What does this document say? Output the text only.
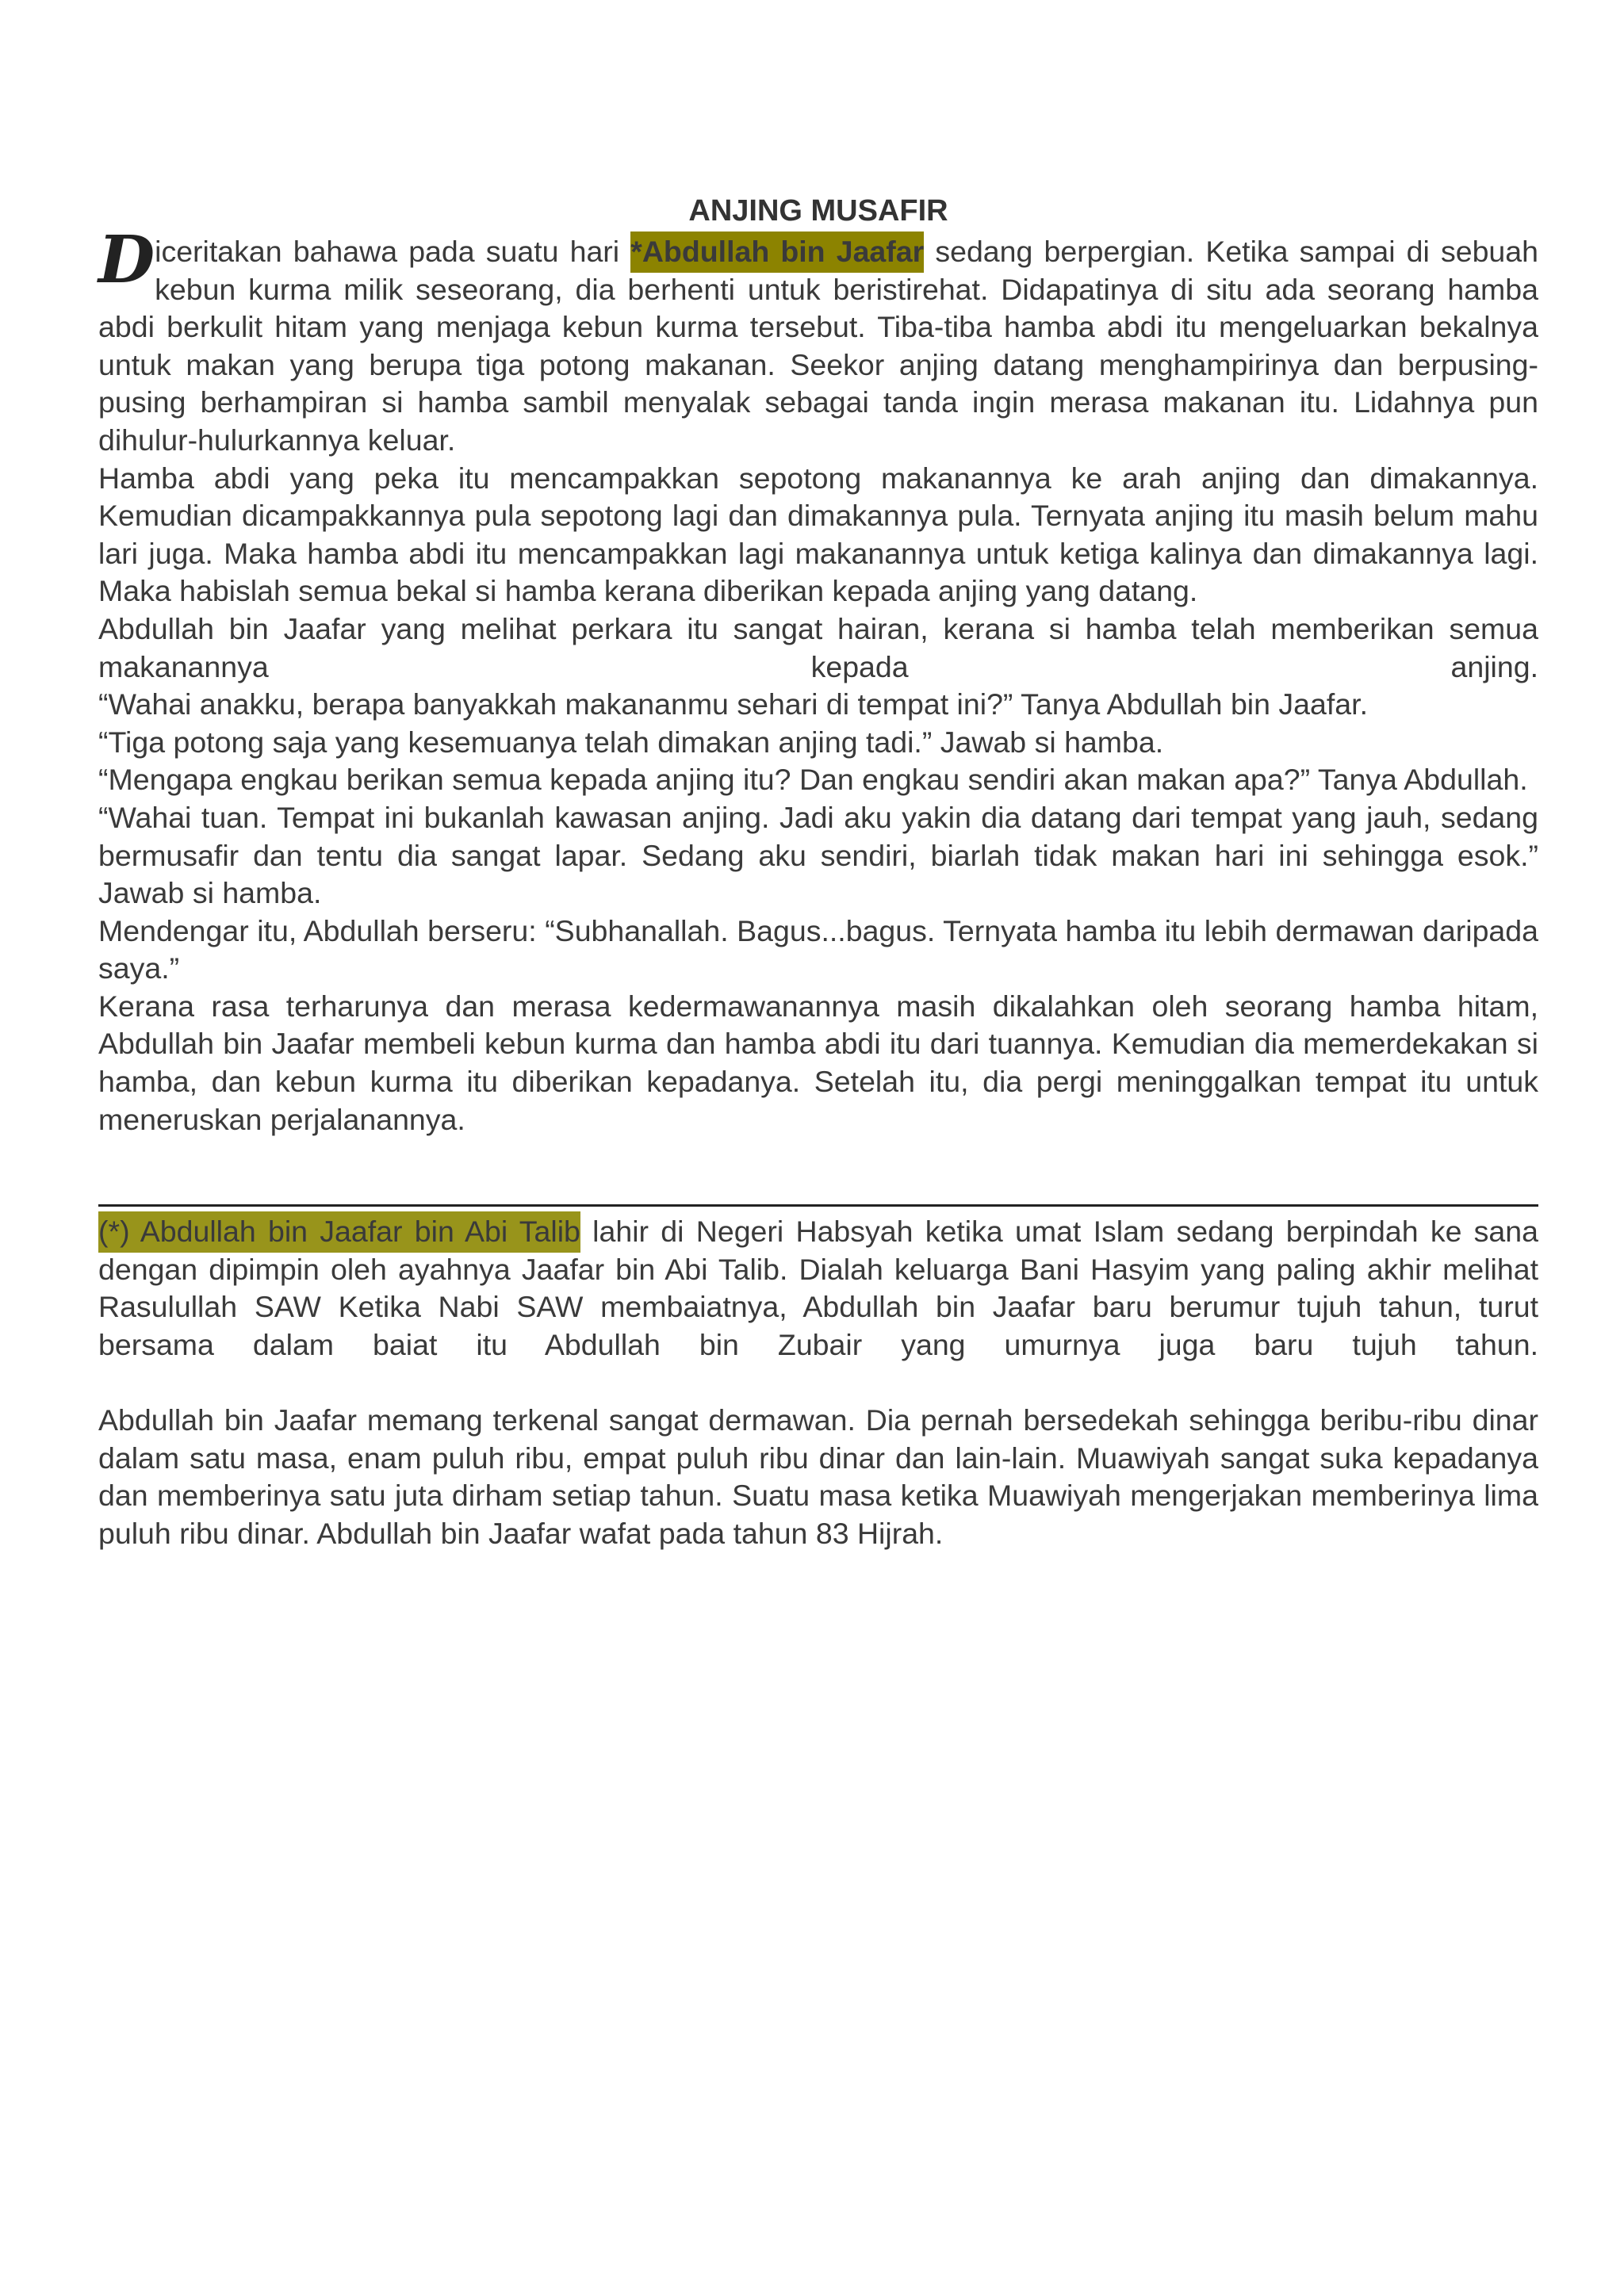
ANJING MUSAFIR

Diceritakan bahawa pada suatu hari *Abdullah bin Jaafar sedang berpergian. Ketika sampai di sebuah kebun kurma milik seseorang, dia berhenti untuk beristirehat. Didapatinya di situ ada seorang hamba abdi berkulit hitam yang menjaga kebun kurma tersebut. Tiba-tiba hamba abdi itu mengeluarkan bekalnya untuk makan yang berupa tiga potong makanan. Seekor anjing datang menghampirinya dan berpusing-pusing berhampiran si hamba sambil menyalak sebagai tanda ingin merasa makanan itu. Lidahnya pun dihulur-hulurkannya keluar.

Hamba abdi yang peka itu mencampakkan sepotong makanannya ke arah anjing dan dimakannya. Kemudian dicampakkannya pula sepotong lagi dan dimakannya pula. Ternyata anjing itu masih belum mahu lari juga. Maka hamba abdi itu mencampakkan lagi makanannya untuk ketiga kalinya dan dimakannya lagi. Maka habislah semua bekal si hamba kerana diberikan kepada anjing yang datang.

Abdullah bin Jaafar yang melihat perkara itu sangat hairan, kerana si hamba telah memberikan semua makanannya kepada anjing.

“Wahai anakku, berapa banyakkah makananmu sehari di tempat ini?” Tanya Abdullah bin Jaafar.

“Tiga potong saja yang kesemuanya telah dimakan anjing tadi.” Jawab si hamba.

“Mengapa engkau berikan semua kepada anjing itu? Dan engkau sendiri akan makan apa?” Tanya Abdullah.

“Wahai tuan. Tempat ini bukanlah kawasan anjing. Jadi aku yakin dia datang dari tempat yang jauh, sedang bermusafir dan tentu dia sangat lapar. Sedang aku sendiri, biarlah tidak makan hari ini sehingga esok.” Jawab si hamba.

Mendengar itu, Abdullah berseru: “Subhanallah. Bagus...bagus. Ternyata hamba itu lebih dermawan daripada saya.”

Kerana rasa terharunya dan merasa kedermawanannya masih dikalahkan oleh seorang hamba hitam, Abdullah bin Jaafar membeli kebun kurma dan hamba abdi itu dari tuannya. Kemudian dia memerdekakan si hamba, dan kebun kurma itu diberikan kepadanya. Setelah itu, dia pergi meninggalkan tempat itu untuk meneruskan perjalanannya.

(*) Abdullah bin Jaafar bin Abi Talib lahir di Negeri Habsyah ketika umat Islam sedang berpindah ke sana dengan dipimpin oleh ayahnya Jaafar bin Abi Talib. Dialah keluarga Bani Hasyim yang paling akhir melihat Rasulullah SAW Ketika Nabi SAW membaiatnya, Abdullah bin Jaafar baru berumur tujuh tahun, turut bersama dalam baiat itu Abdullah bin Zubair yang umurnya juga baru tujuh tahun.

Abdullah bin Jaafar memang terkenal sangat dermawan. Dia pernah bersedekah sehingga beribu-ribu dinar dalam satu masa, enam puluh ribu, empat puluh ribu dinar dan lain-lain. Muawiyah sangat suka kepadanya dan memberinya satu juta dirham setiap tahun. Suatu masa ketika Muawiyah mengerjakan memberinya lima puluh ribu dinar. Abdullah bin Jaafar wafat pada tahun 83 Hijrah.
